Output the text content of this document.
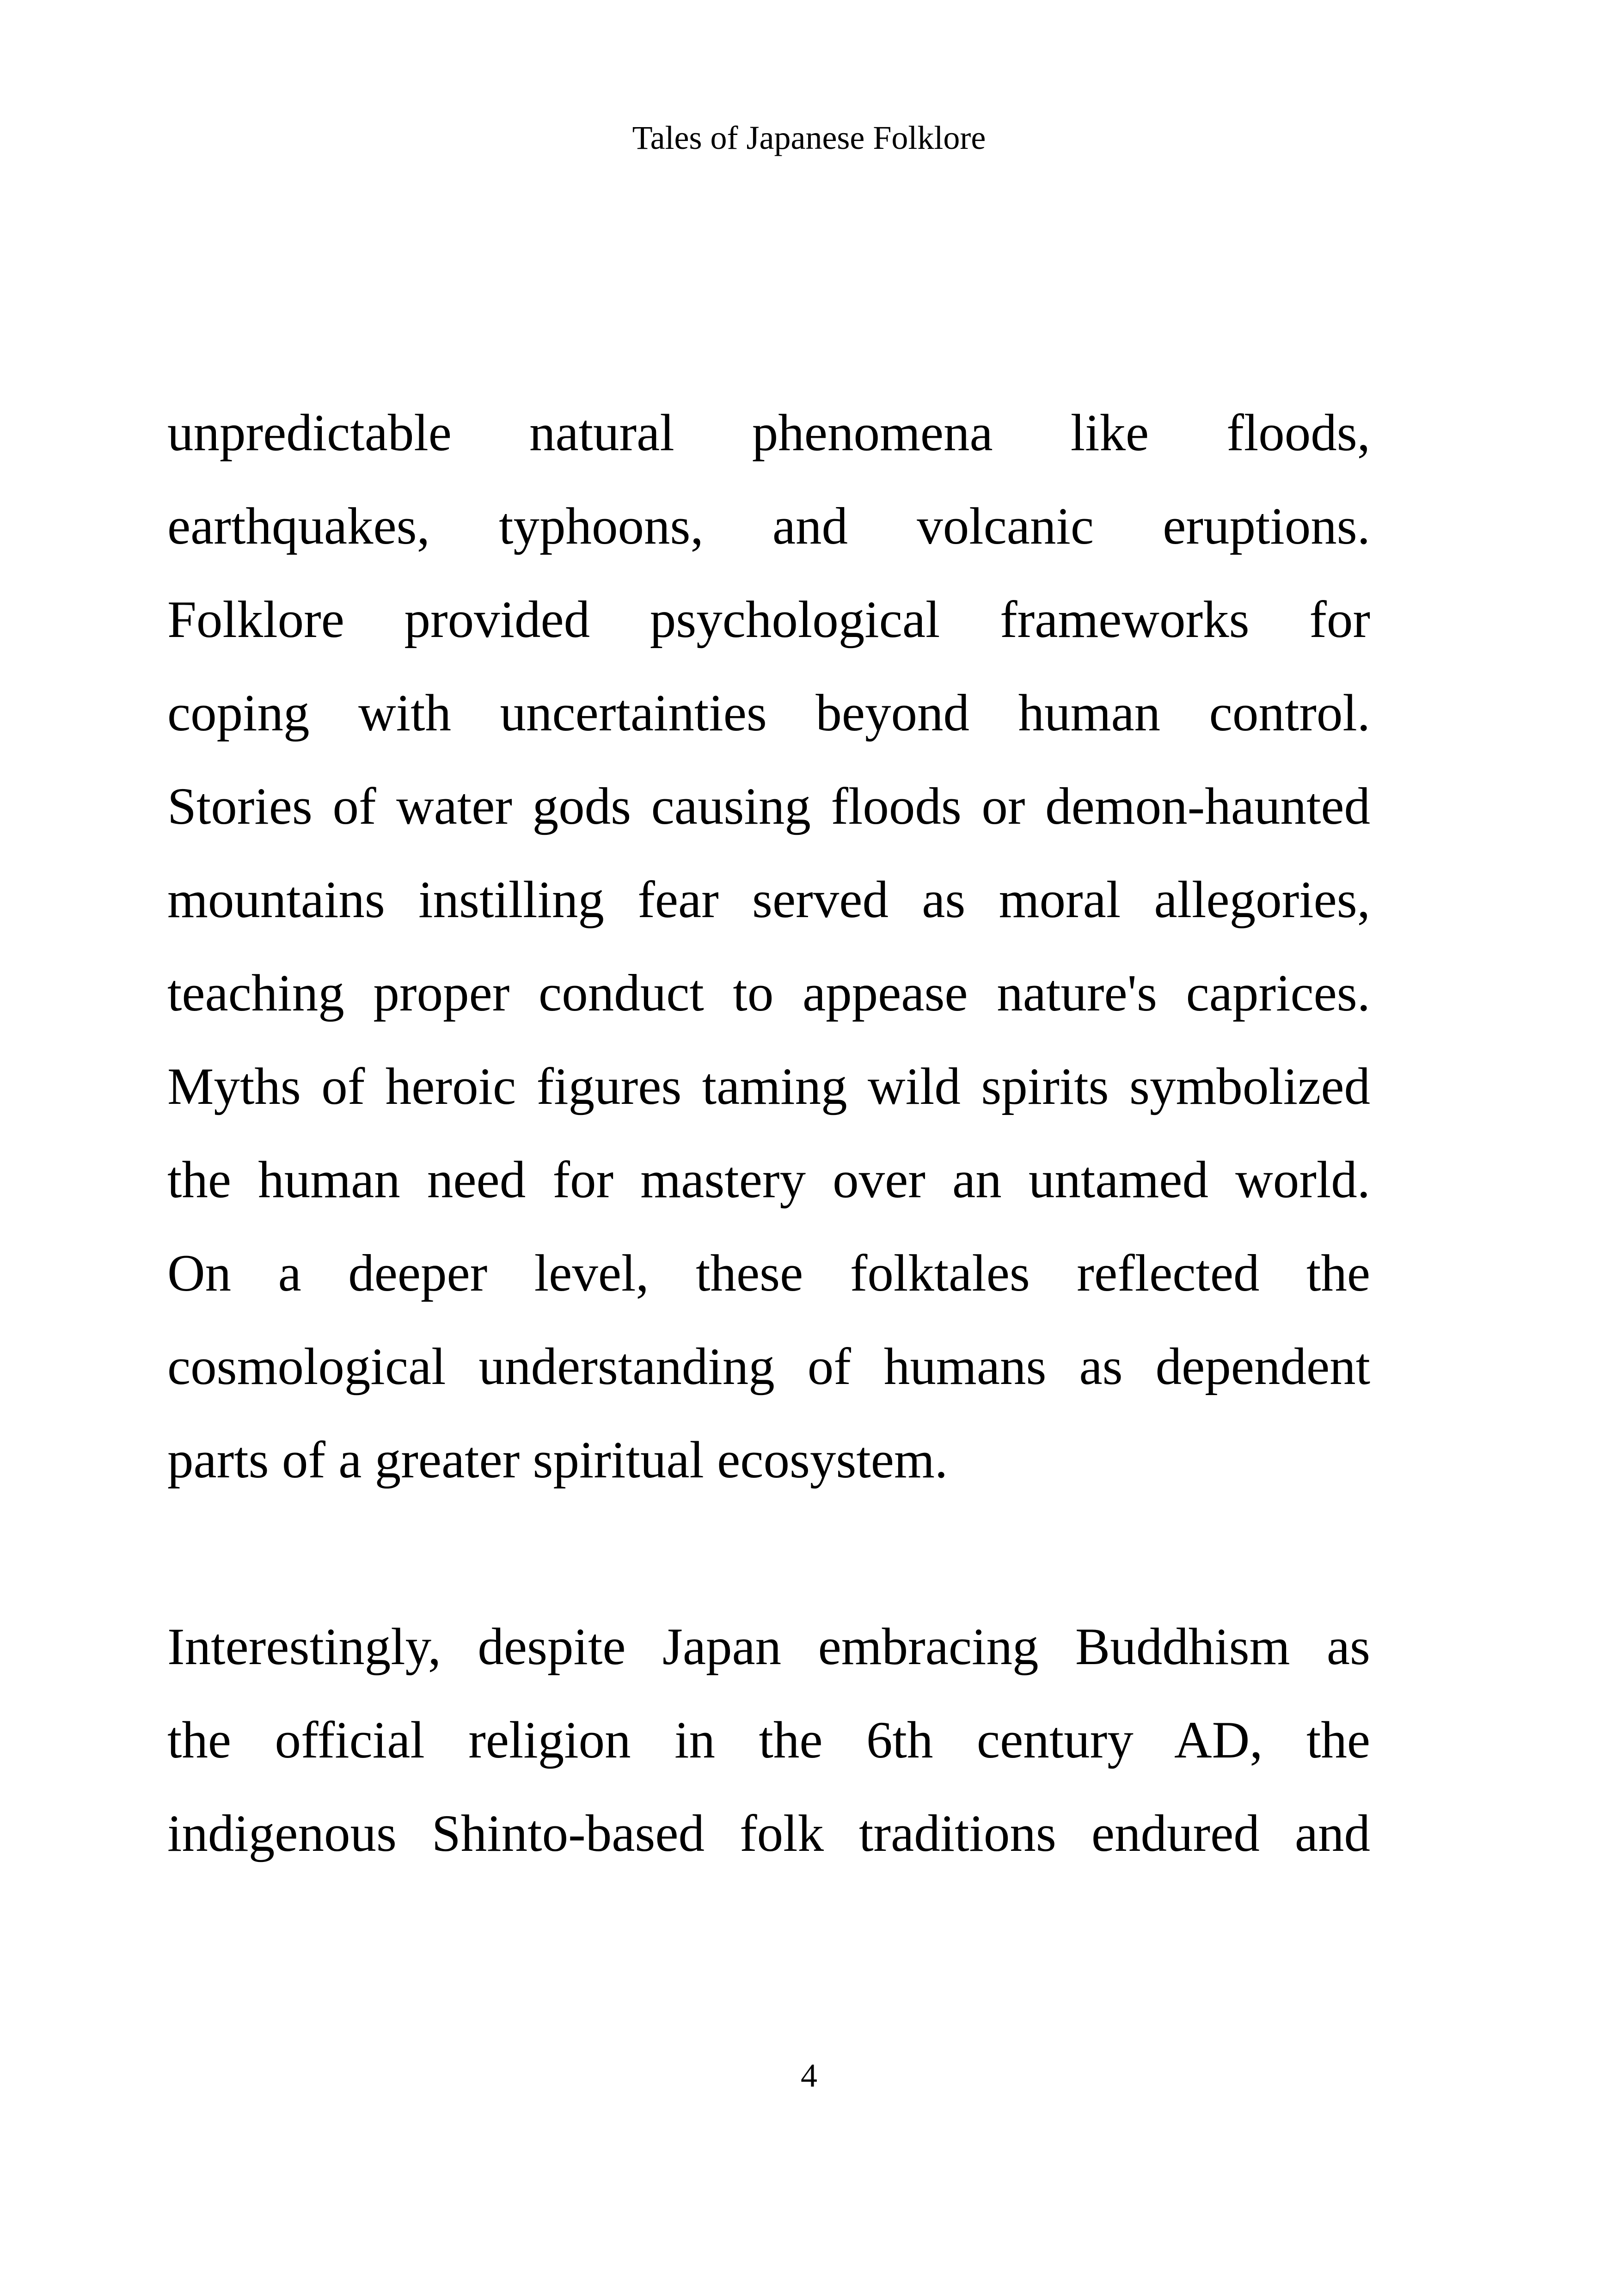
Tales of Japanese Folklore

unpredictable natural phenomena like floods,
earthquakes, typhoons, and volcanic eruptions.
Folklore provided psychological frameworks for
coping with uncertainties beyond human control.
Stories of water gods causing floods or demon-haunted
mountains instilling fear served as moral allegories,
teaching proper conduct to appease nature's caprices.
Myths of heroic figures taming wild spirits symbolized
the human need for mastery over an untamed world.
On a deeper level, these folktales reflected the
cosmological understanding of humans as dependent
parts of a greater spiritual ecosystem.
Interestingly, despite Japan embracing Buddhism as
the official religion in the 6th century AD, the
indigenous Shinto-based folk traditions endured and

4
